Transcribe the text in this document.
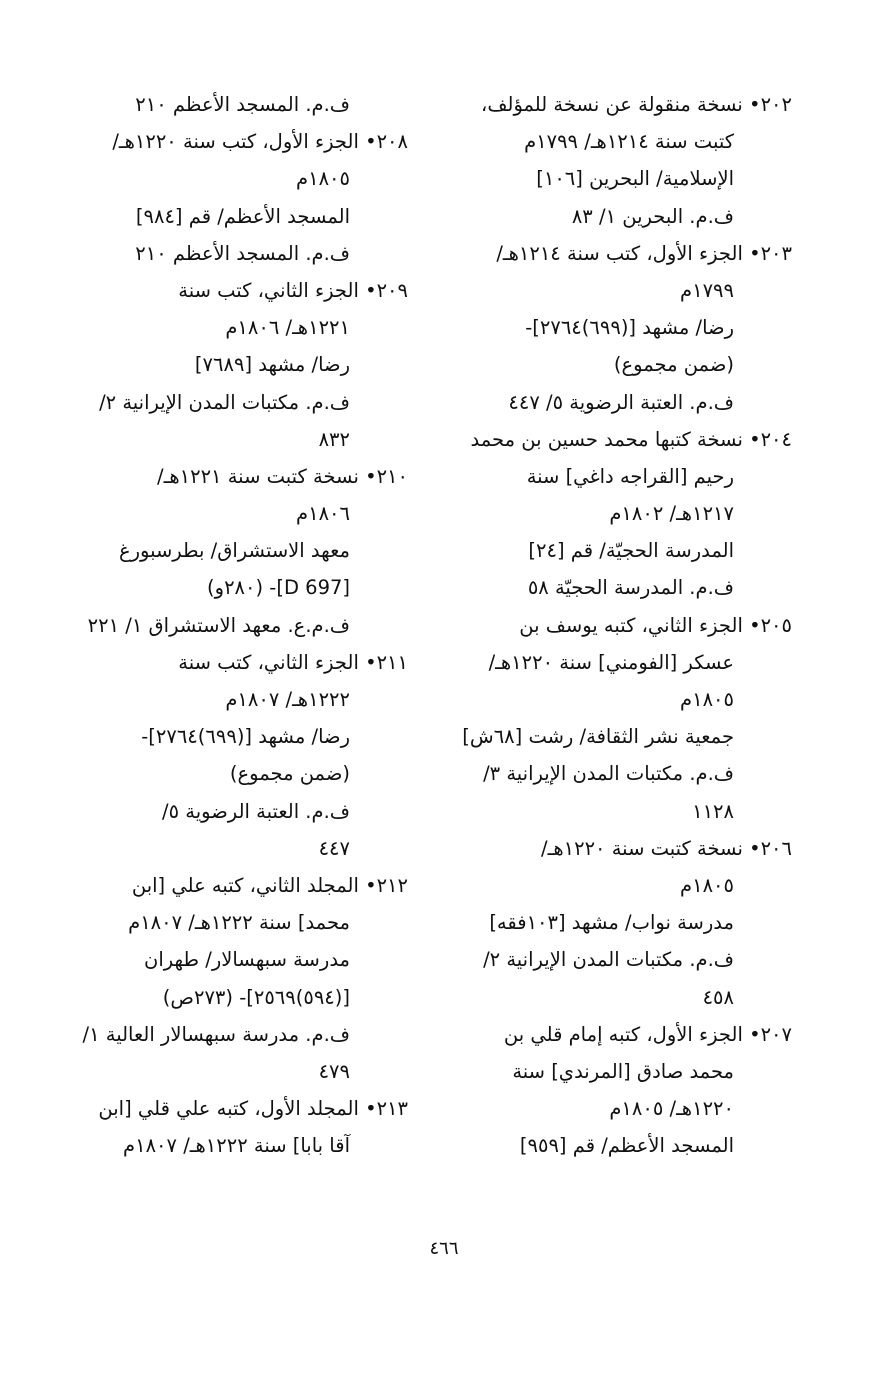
٢٠٢• نسخة منقولة عن نسخة للمؤلف،
كتبت سنة ١٢١٤هـ/ ١٧٩٩م
الإسلامية/ البحرين [١٠٦]
ف.م. البحرين ١/ ٨٣
٢٠٣• الجزء الأول، كتب سنة ١٢١٤هـ/
١٧٩٩م
رضا/ مشهد [(٦٩٩)٢٧٦٤]-
(ضمن مجموع)
ف.م. العتبة الرضوية ٥/ ٤٤٧
٢٠٤• نسخة كتبها محمد حسين بن محمد
رحيم [القراجه داغي] سنة
١٢١٧هـ/ ١٨٠٢م
المدرسة الحجيّة/ قم [٢٤]
ف.م. المدرسة الحجيّة ٥٨
٢٠٥• الجزء الثاني، كتبه يوسف بن
عسكر [الفومني] سنة ١٢٢٠هـ/
١٨٠٥م
جمعية نشر الثقافة/ رشت [٦٨ش]
ف.م. مكتبات المدن الإيرانية ٣/
١١٢٨
٢٠٦• نسخة كتبت سنة ١٢٢٠هـ/
١٨٠٥م
مدرسة نواب/ مشهد [١٠٣فقه]
ف.م. مكتبات المدن الإيرانية ٢/
٤٥٨
٢٠٧• الجزء الأول، كتبه إمام قلي بن
محمد صادق [المرندي] سنة
١٢٢٠هـ/ ١٨٠٥م
المسجد الأعظم/ قم [٩٥٩]
ف.م. المسجد الأعظم ٢١٠
٢٠٨• الجزء الأول، كتب سنة ١٢٢٠هـ/
١٨٠٥م
المسجد الأعظم/ قم [٩٨٤]
ف.م. المسجد الأعظم ٢١٠
٢٠٩• الجزء الثاني، كتب سنة
١٢٢١هـ/ ١٨٠٦م
رضا/ مشهد [٧٦٨٩]
ف.م. مكتبات المدن الإيرانية ٢/
٨٣٢
٢١٠• نسخة كتبت سنة ١٢٢١هـ/
١٨٠٦م
معهد الاستشراق/ بطرسبورغ
[D 697]- (٢٨٠و)
ف.م.ع. معهد الاستشراق ١/ ٢٢١
٢١١• الجزء الثاني، كتب سنة
١٢٢٢هـ/ ١٨٠٧م
رضا/ مشهد [(٦٩٩)٢٧٦٤]-
(ضمن مجموع)
ف.م. العتبة الرضوية ٥/
٤٤٧
٢١٢• المجلد الثاني، كتبه علي [ابن
محمد] سنة ١٢٢٢هـ/ ١٨٠٧م
مدرسة سبهسالار/ طهران
[(٥٩٤)٢٥٦٩]- (٢٧٣ص)
ف.م. مدرسة سبهسالار العالية ١/
٤٧٩
٢١٣• المجلد الأول، كتبه علي قلي [ابن
آقا بابا] سنة ١٢٢٢هـ/ ١٨٠٧م
٤٦٦
